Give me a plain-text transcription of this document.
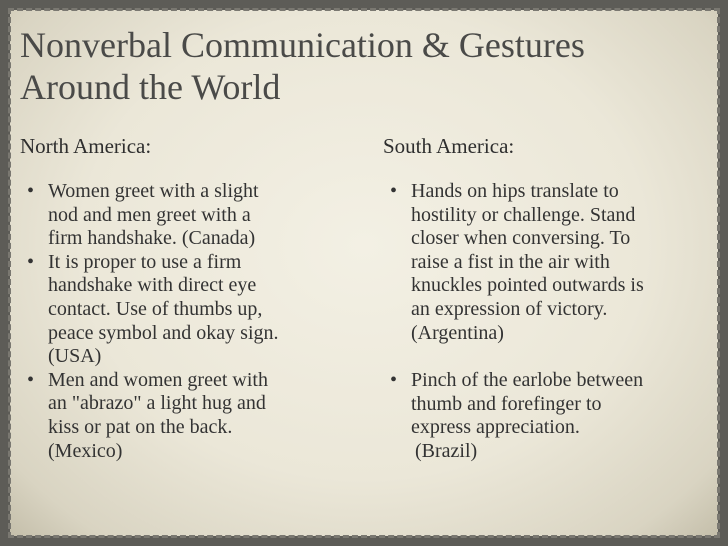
Nonverbal Communication & Gestures
Around the World

North America:

• Women greet with a slight
nod and men greet with a
firm handshake. (Canada)
• It is proper to use a firm
handshake with direct eye
contact. Use of thumbs up,
peace symbol and okay sign.
(USA)
• Men and women greet with
an "abrazo" a light hug and
kiss or pat on the back.
(Mexico)

South America:

• Hands on hips translate to
hostility or challenge. Stand
closer when conversing. To
raise a fist in the air with
knuckles pointed outwards is
an expression of victory.
(Argentina)
• Pinch of the earlobe between
thumb and forefinger to
express appreciation.
(Brazil)
